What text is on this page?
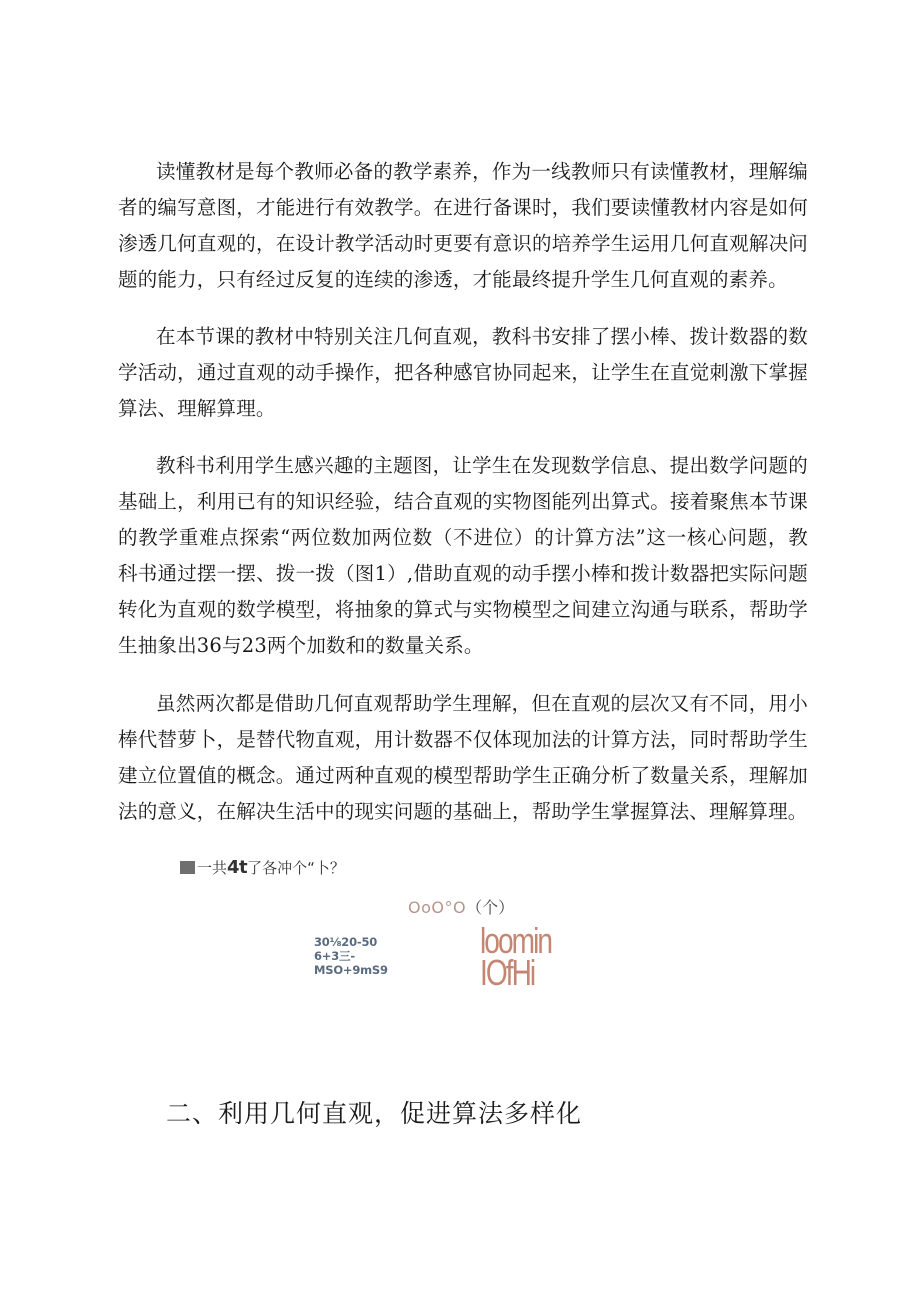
读懂教材是每个教师必备的教学素养，作为一线教师只有读懂教材，理解编者的编写意图，才能进行有效教学。在进行备课时，我们要读懂教材内容是如何渗透几何直观的，在设计教学活动时更要有意识的培养学生运用几何直观解决问题的能力，只有经过反复的连续的渗透，才能最终提升学生几何直观的素养。

在本节课的教材中特别关注几何直观，教科书安排了摆小棒、拨计数器的数学活动，通过直观的动手操作，把各种感官协同起来，让学生在直觉刺激下掌握算法、理解算理。

教科书利用学生感兴趣的主题图，让学生在发现数学信息、提出数学问题的基础上，利用已有的知识经验，结合直观的实物图能列出算式。接着聚焦本节课的教学重难点探索“两位数加两位数（不进位）的计算方法”这一核心问题，教科书通过摆一摆、拨一拨（图1）,借助直观的动手摆小棒和拨计数器把实际问题转化为直观的数学模型，将抽象的算式与实物模型之间建立沟通与联系，帮助学生抽象出36与23两个加数和的数量关系。

虽然两次都是借助几何直观帮助学生理解，但在直观的层次又有不同，用小棒代替萝卜，是替代物直观，用计数器不仅体现加法的计算方法，同时帮助学生建立位置值的概念。通过两种直观的模型帮助学生正确分析了数量关系，理解加法的意义，在解决生活中的现实问题的基础上，帮助学生掌握算法、理解算理。

一共4t了各冲个“卜？
OoO°O（个）
30⅛20-50
6+3三-
MSO+9mS9
loomin
IOfHi
二、利用几何直观，促进算法多样化
